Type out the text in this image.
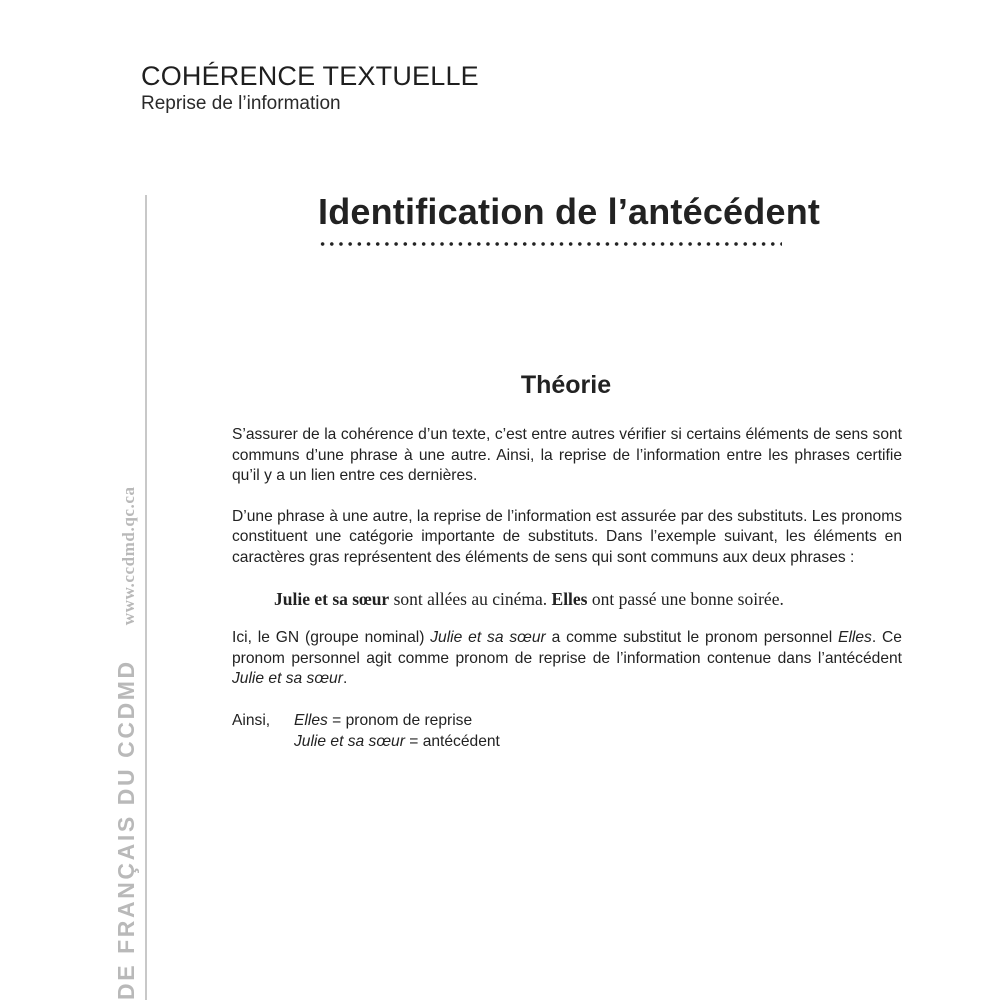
COHÉRENCE TEXTUELLE
Reprise de l’information
DE FRANÇAIS DU CCDMDwww.ccdmd.qc.ca
Identification de l’antécédent
Théorie

S’assurer de la cohérence d’un texte, c’est entre autres vérifier si certains éléments de sens sont communs d’une phrase à une autre. Ainsi, la reprise de l’information entre les phrases certifie qu’il y a un lien entre ces dernières.

D’une phrase à une autre, la reprise de l’information est assurée par des substituts. Les pronoms constituent une catégorie importante de substituts. Dans l’exemple suivant, les éléments en caractères gras représentent des éléments de sens qui sont communs aux deux phrases :

Julie et sa sœur sont allées au cinéma. Elles ont passé une bonne soirée.

Ici, le GN (groupe nominal) Julie et sa sœur a comme substitut le pronom personnel Elles. Ce pronom personnel agit comme pronom de reprise de l’information contenue dans l’antécédent Julie et sa sœur.

Ainsi,	Elles = pronom de reprise
Julie et sa sœur = antécédent
